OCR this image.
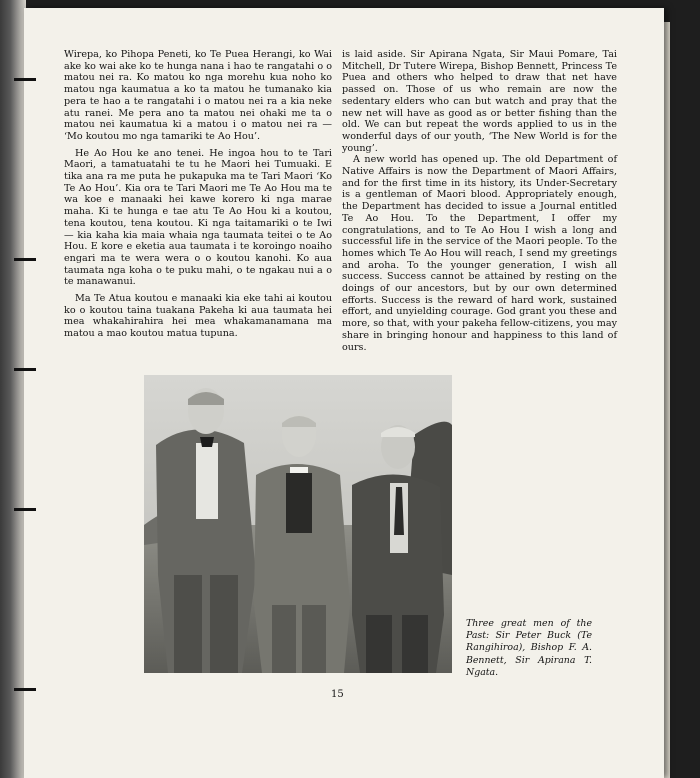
Wirepa, ko Pihopa Peneti, ko Te Puea Herangi, ko Wai ake ko wai ake ko te hunga nana i hao te rangatahi o o matou nei ra. Ko matou ko nga morehu kua noho ko matou nga kaumatua a ko ta matou he tumanako kia pera te hao a te rangatahi i o matou nei ra a kia neke atu ranei. Me pera ano ta matou nei ohaki me ta o matou nei kaumatua ki a matou i o matou nei ra — ‘Mo koutou mo nga tamariki te Ao Hou’.

He Ao Hou ke ano tenei. He ingoa hou to te Tari Maori, a tamatuatahi te tu he Maori hei Tumuaki. E tika ana ra me puta he pukapuka ma te Tari Maori ‘Ko Te Ao Hou’. Kia ora te Tari Maori me Te Ao Hou ma te wa koe e manaaki hei kawe korero ki nga marae maha. Ki te hunga e tae atu Te Ao Hou ki a koutou, tena koutou, tena koutou. Ki nga taitamariki o te Iwi — kia kaha kia maia whaia nga taumata teitei o te Ao Hou. E kore e eketia aua taumata i te koroingo noaiho engari ma te wera wera o o koutou kanohi. Ko aua taumata nga koha o te puku mahi, o te ngakau nui a o te manawanui.

Ma Te Atua koutou e manaaki kia eke tahi ai koutou ko o koutou taina tuakana Pakeha ki aua taumata hei mea whakahirahira hei mea whakamanamana ma matou a mao koutou matua tupuna.

is laid aside. Sir Apirana Ngata, Sir Maui Pomare, Tai Mitchell, Dr Tutere Wirepa, Bishop Bennett, Princess Te Puea and others who helped to draw that net have passed on. Those of us who remain are now the sedentary elders who can but watch and pray that the new net will have as good as or better fishing than the old. We can but repeat the words applied to us in the wonderful days of our youth, ‘The New World is for the young’.

A new world has opened up. The old Department of Native Affairs is now the Department of Maori Affairs, and for the first time in its history, its Under-Secretary is a gentleman of Maori blood. Appropriately enough, the Department has decided to issue a Journal entitled Te Ao Hou. To the Department, I offer my congratulations, and to Te Ao Hou I wish a long and successful life in the service of the Maori people. To the homes which Te Ao Hou will reach, I send my greetings and aroha. To the younger generation, I wish all success. Success cannot be attained by resting on the doings of our ancestors, but by our own determined efforts. Success is the reward of hard work, sustained effort, and unyielding courage. God grant you these and more, so that, with your pakeha fellow-citizens, you may share in bringing honour and happiness to this land of ours.

Three great men of the Past: Sir Peter Buck (Te Rangihiroa), Bishop F. A. Bennett, Sir Apirana T. Ngata.
15
